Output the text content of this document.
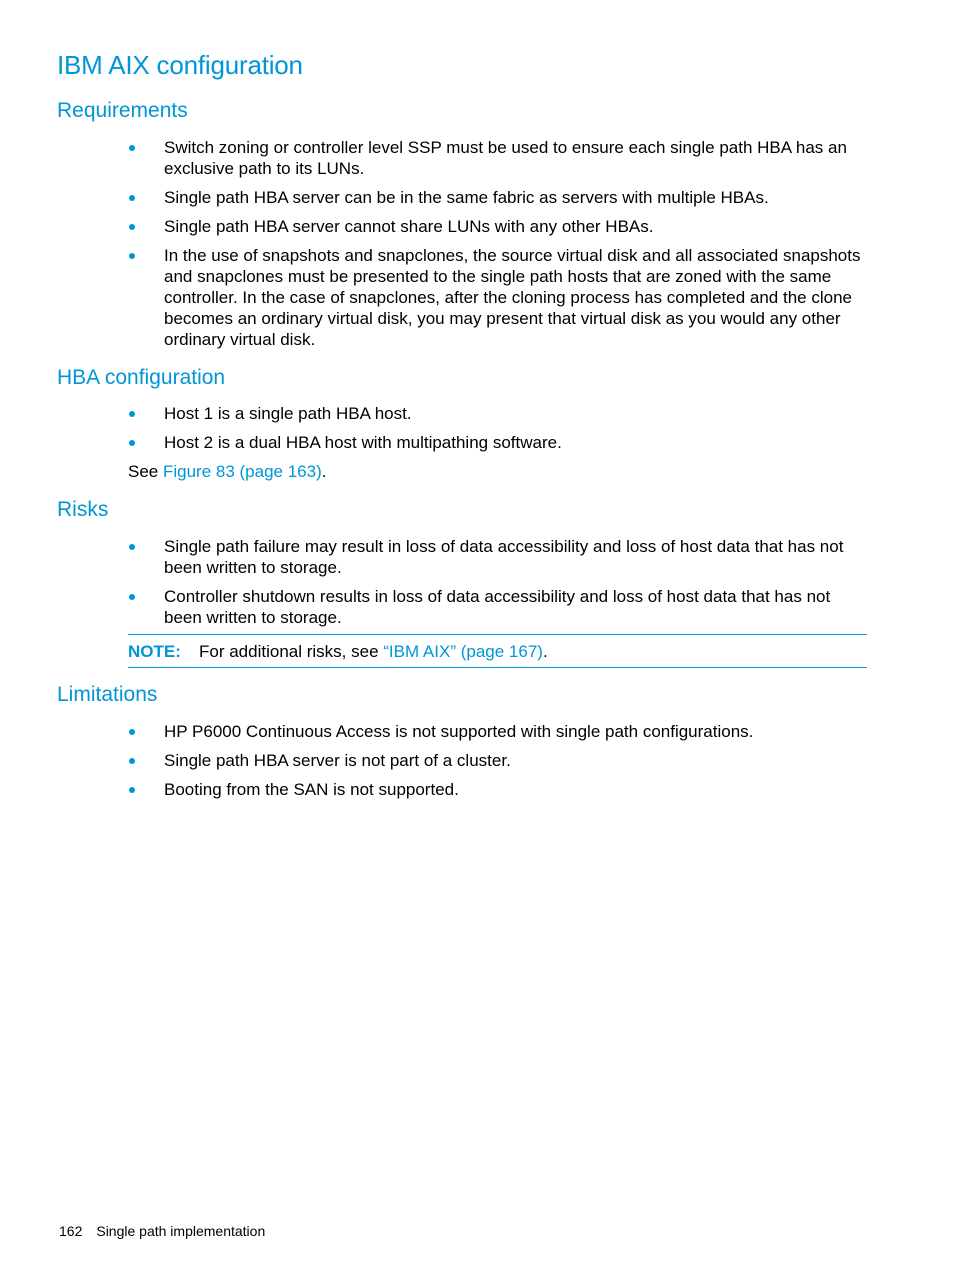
IBM AIX configuration
Requirements
Switch zoning or controller level SSP must be used to ensure each single path HBA has an exclusive path to its LUNs.
Single path HBA server can be in the same fabric as servers with multiple HBAs.
Single path HBA server cannot share LUNs with any other HBAs.
In the use of snapshots and snapclones, the source virtual disk and all associated snapshots and snapclones must be presented to the single path hosts that are zoned with the same controller. In the case of snapclones, after the cloning process has completed and the clone becomes an ordinary virtual disk, you may present that virtual disk as you would any other ordinary virtual disk.
HBA configuration
Host 1 is a single path HBA host.
Host 2 is a dual HBA host with multipathing software.

See Figure 83 (page 163).

Risks
Single path failure may result in loss of data accessibility and loss of host data that has not been written to storage.
Controller shutdown results in loss of data accessibility and loss of host data that has not been written to storage.
NOTE: For additional risks, see “IBM AIX” (page 167).
Limitations
HP P6000 Continuous Access is not supported with single path configurations.
Single path HBA server is not part of a cluster.
Booting from the SAN is not supported.
162 Single path implementation
